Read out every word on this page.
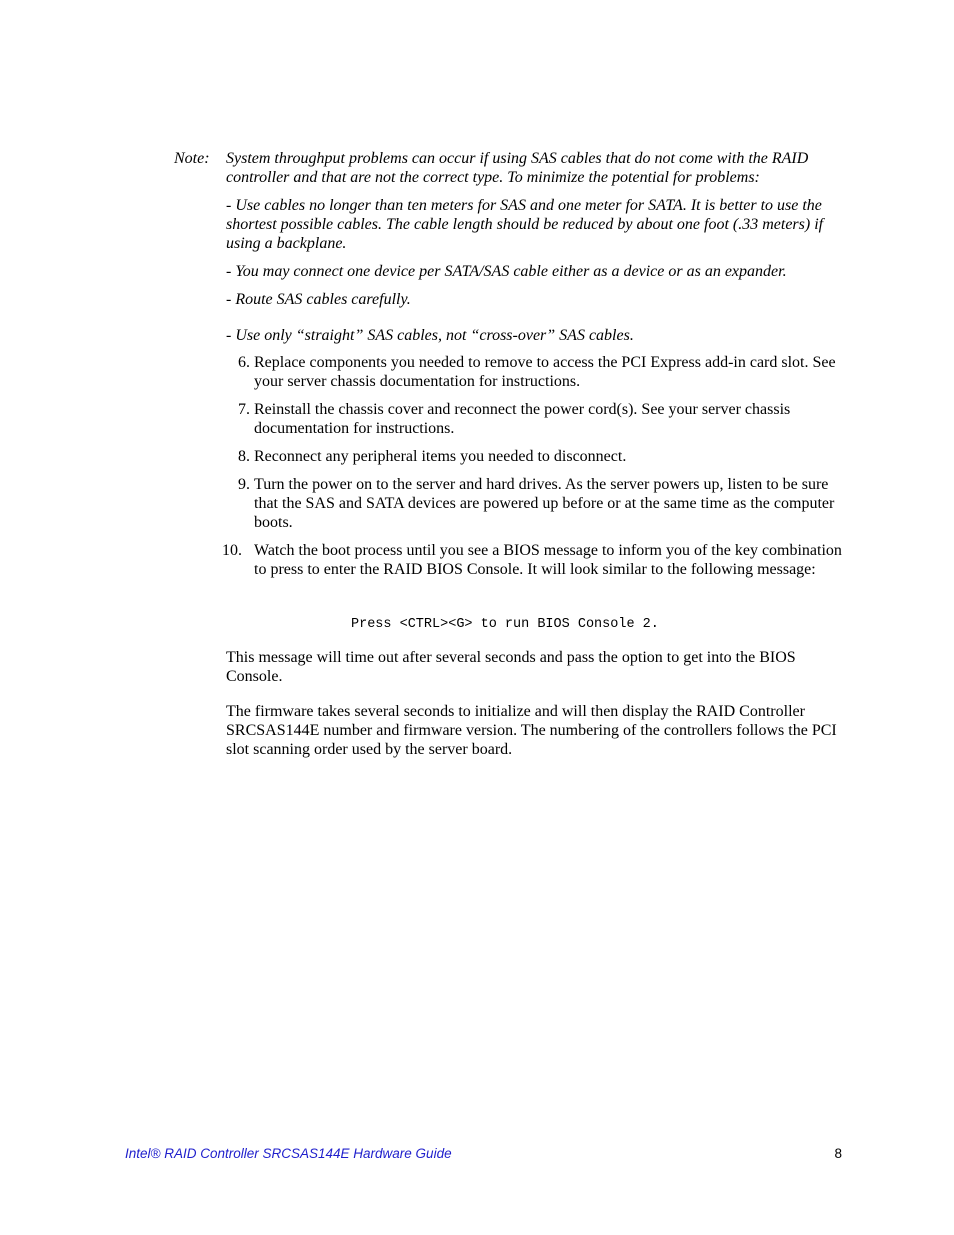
Note: System throughput problems can occur if using SAS cables that do not come with the RAID controller and that are not the correct type. To minimize the potential for problems:

- Use cables no longer than ten meters for SAS and one meter for SATA. It is better to use the shortest possible cables. The cable length should be reduced by about one foot (.33 meters) if using a backplane.

- You may connect one device per SATA/SAS cable either as a device or as an expander.

- Route SAS cables carefully.

- Use only “straight” SAS cables, not “cross-over” SAS cables.

6. Replace components you needed to remove to access the PCI Express add-in card slot. See your server chassis documentation for instructions.
7. Reinstall the chassis cover and reconnect the power cord(s). See your server chassis documentation for instructions.
8. Reconnect any peripheral items you needed to disconnect.
9. Turn the power on to the server and hard drives. As the server powers up, listen to be sure that the SAS and SATA devices are powered up before or at the same time as the computer boots.
10. Watch the boot process until you see a BIOS message to inform you of the key combination to press to enter the RAID BIOS Console. It will look similar to the following message:
Press <CTRL><G> to run BIOS Console 2.

This message will time out after several seconds and pass the option to get into the BIOS Console.

The firmware takes several seconds to initialize and will then display the RAID Controller SRCSAS144E number and firmware version. The numbering of the controllers follows the PCI slot scanning order used by the server board.

Intel® RAID Controller SRCSAS144E Hardware Guide	8
